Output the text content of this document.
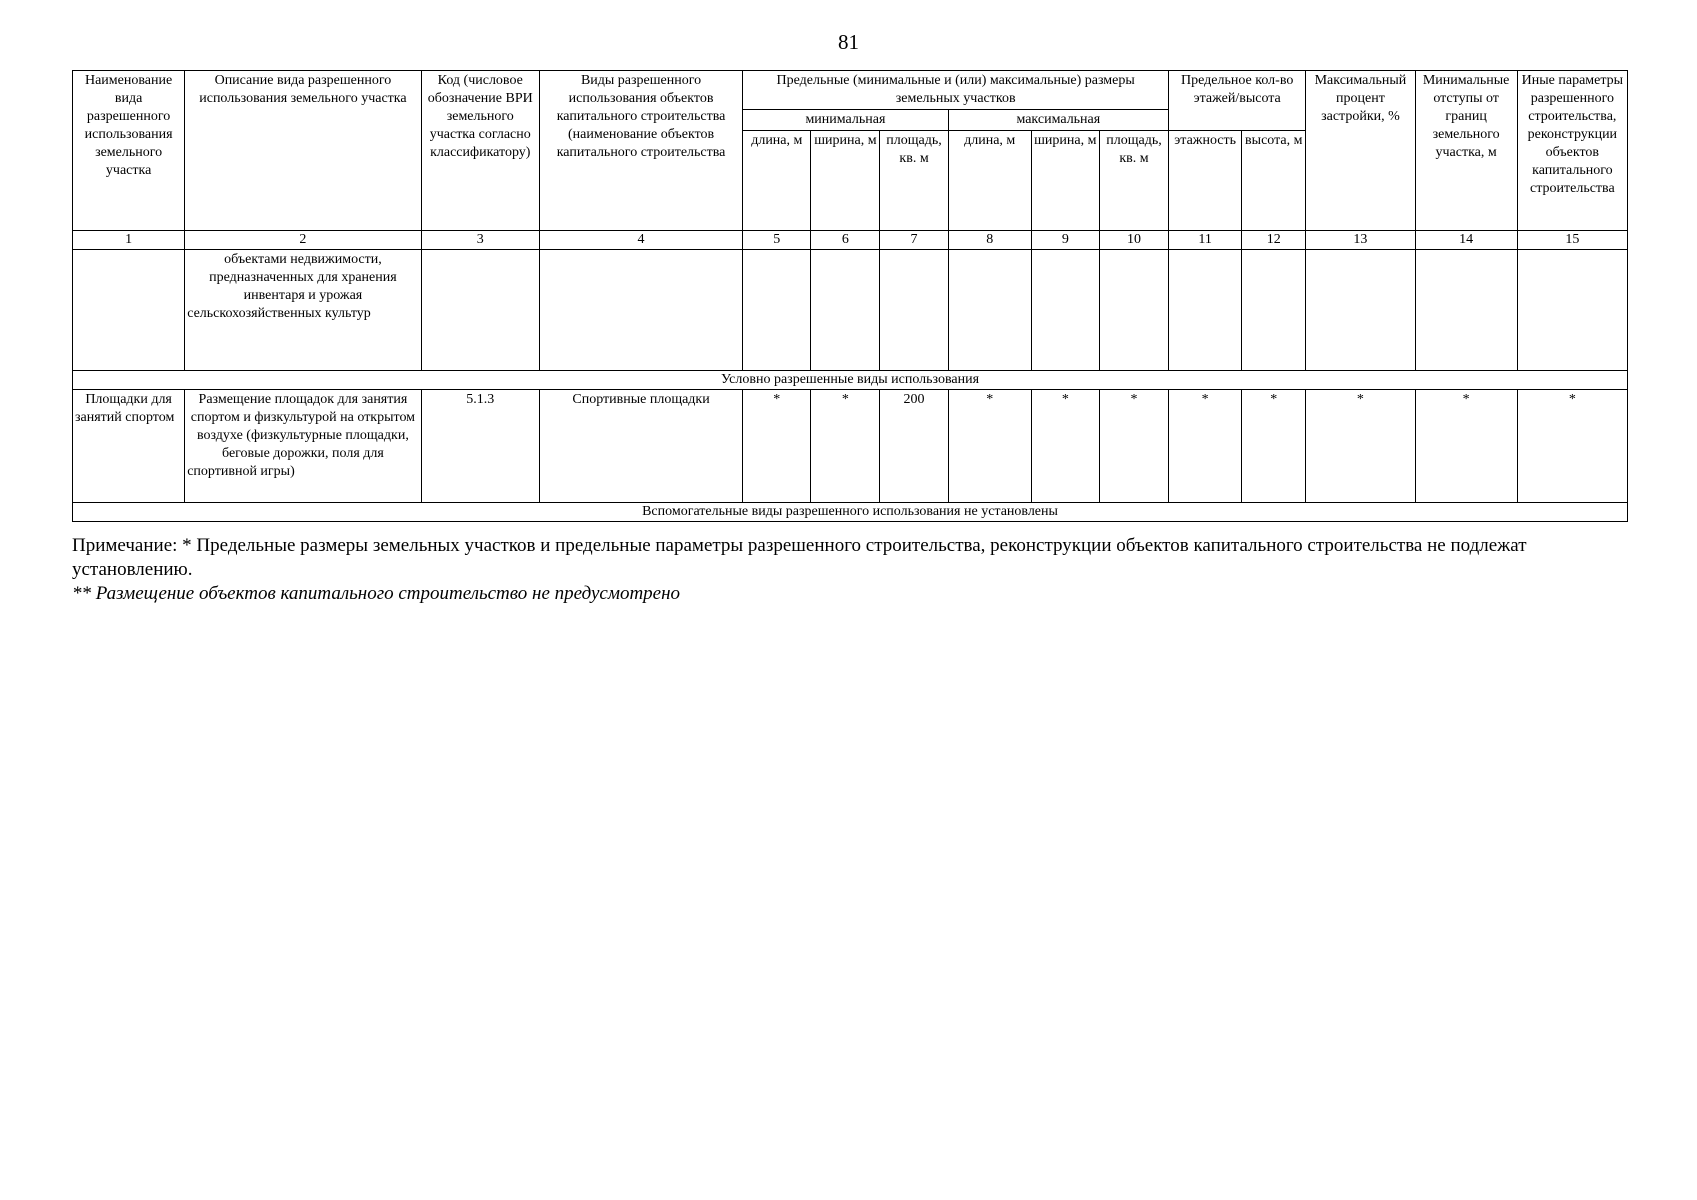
81
Наименование вида разрешенного использования земельного участка	Описание вида разрешенного использования земельного участка	Код (числовое обозначение ВРИ земельного участка согласно классификатору)	Виды разрешенного использования объектов капитального строительства (наименование объектов капитального строительства	Предельные (минимальные и (или) максимальные) размеры земельных участков						Предельное кол-во этажей/высота		Максимальный процент застройки, %	Минимальные отступы от границ земельного участка, м	Иные параметры разрешенного строительства, реконструкции объектов капитального строительства
				минимальная			максимальная							
				длина, м	ширина, м	площадь, кв. м	длина, м	ширина, м	площадь, кв. м	этажность	высота, м			
1	2	3	4	5	6	7	8	9	10	11	12	13	14	15
	объектами недвижимости, предназначенных для хранения инвентаря и урожая сельскохозяйственных культур													
Условно разрешенные виды использования														
Площадки для занятий спортом	Размещение площадок для занятия спортом и физкультурой на открытом воздухе (физкультурные площадки, беговые дорожки, поля для спортивной игры)	5.1.3	Спортивные площадки	*	*	200	*	*	*	*	*	*	*	*
Вспомогательные виды разрешенного использования не установлены														

Примечание: * Предельные размеры земельных участков и предельные параметры разрешенного строительства, реконструкции объектов капитального строительства не подлежат установлению.

** Размещение объектов капитального строительство не предусмотрено
